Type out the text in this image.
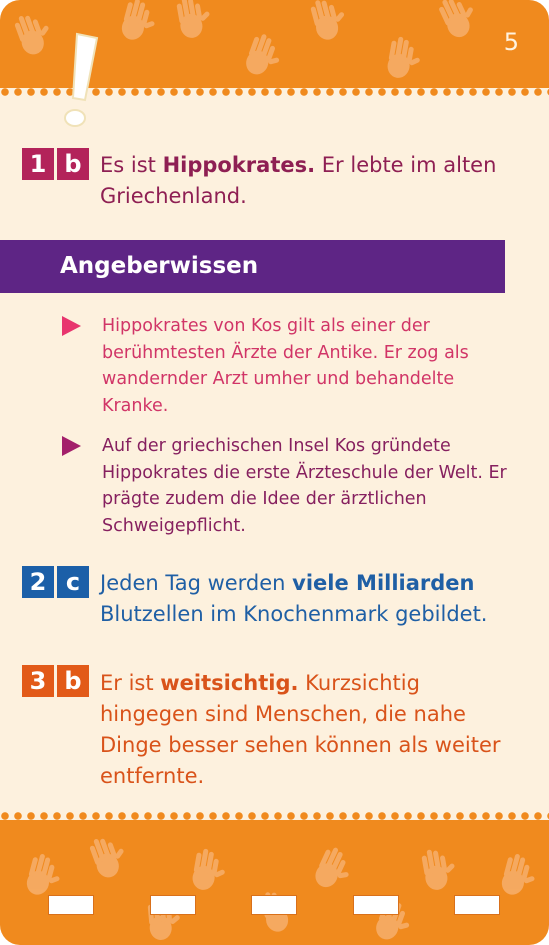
5
1 b Es ist Hippokrates. Er lebte im alten Griechenland.
Angeberwissen
Hippokrates von Kos gilt als einer der berühmtesten Ärzte der Antike. Er zog als wandernder Arzt umher und behandelte Kranke.
Auf der griechischen Insel Kos gründete Hippokrates die erste Ärzteschule der Welt. Er prägte zudem die Idee der ärztlichen Schweigepflicht.
2 c Jeden Tag werden viele Milliarden Blutzellen im Knochenmark gebildet.
3 b Er ist weitsichtig. Kurzsichtig hingegen sind Menschen, die nahe Dinge besser sehen können als weiter entfernte.
